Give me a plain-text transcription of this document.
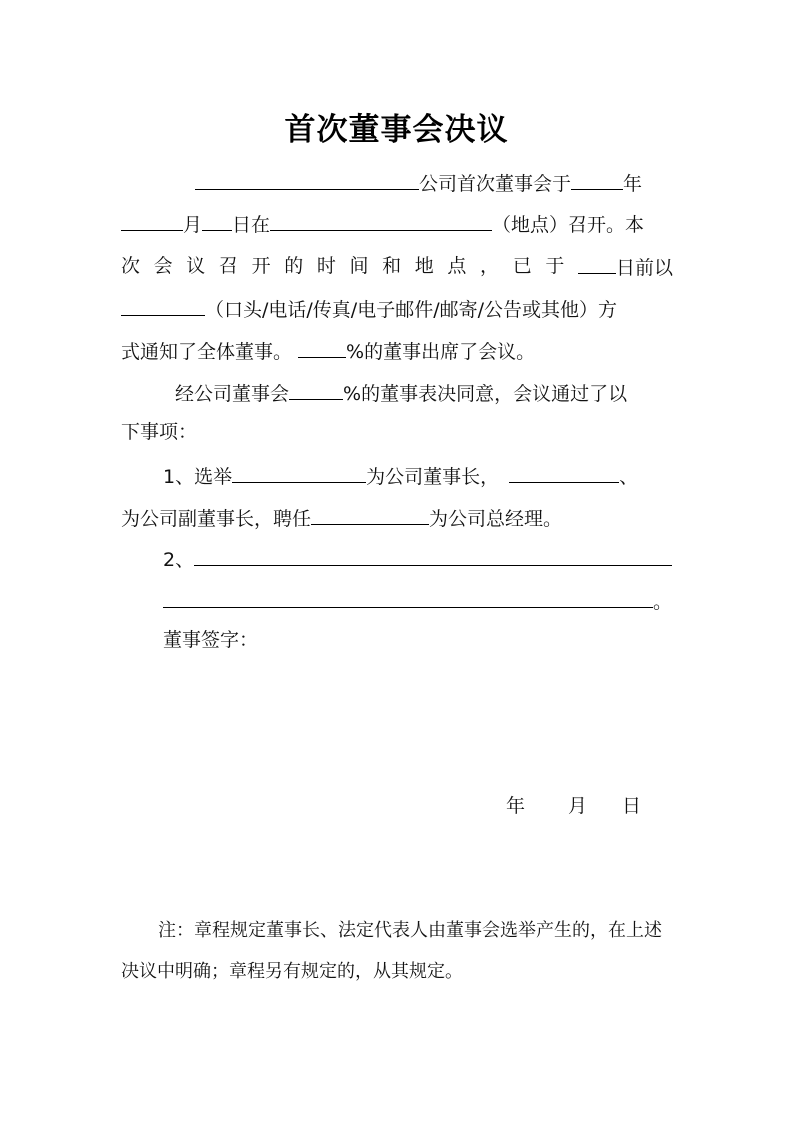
首次董事会决议
公司首次董事会于	年
月 日在	（地点）召开。本
次 会 议 召 开 的 时 间 和 地 点 ， 已 于	日前以
（口头/电话/传真/电子邮件/邮寄/公告或其他）方
式通知了全体董事。	%的董事出席了会议。
经公司董事会	%的董事表决同意，会议通过了以
下事项：
1、选举	为公司董事长，	、
为公司副董事长，聘任	为公司总经理。
2、
。
董事签字：
年 月 日
注：章程规定董事长、法定代表人由董事会选举产生的，在上述
决议中明确；章程另有规定的，从其规定。
